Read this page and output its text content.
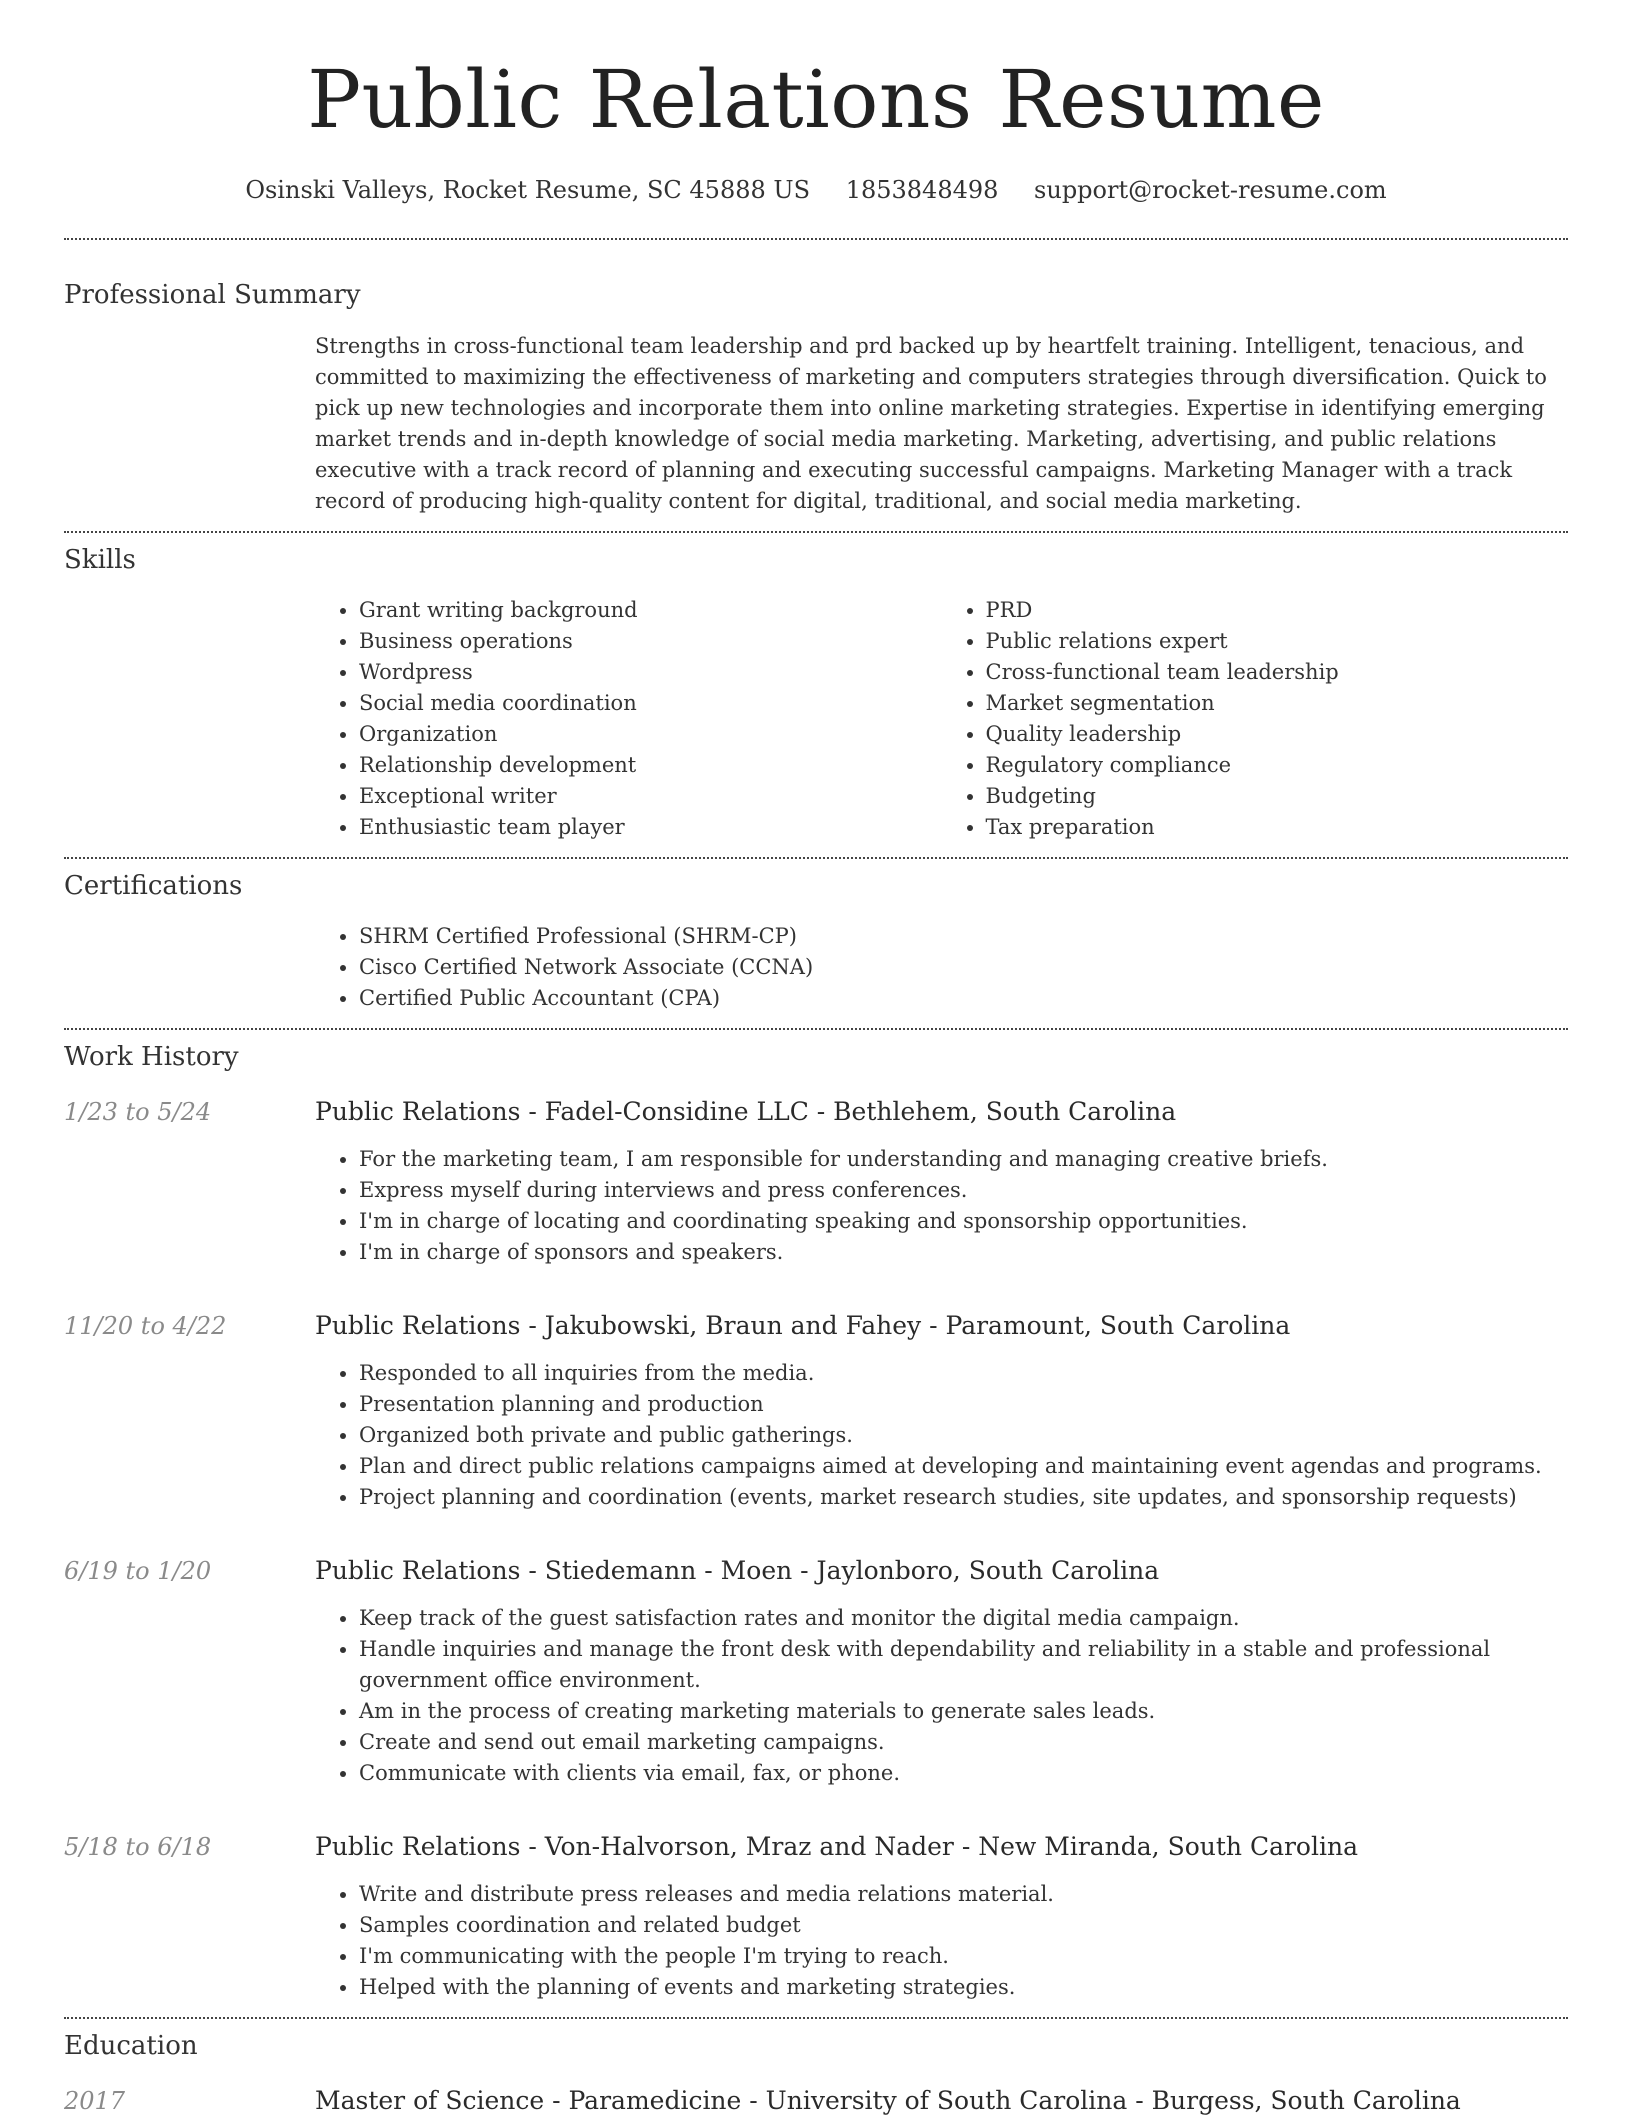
Public Relations Resume
Osinski Valleys, Rocket Resume, SC 45888 US 1853848498 support@rocket-resume.com
Professional Summary
Strengths in cross-functional team leadership and prd backed up by heartfelt training. Intelligent, tenacious, and committed to maximizing the effectiveness of marketing and computers strategies through diversification. Quick to pick up new technologies and incorporate them into online marketing strategies. Expertise in identifying emerging market trends and in-depth knowledge of social media marketing. Marketing, advertising, and public relations executive with a track record of planning and executing successful campaigns. Marketing Manager with a track record of producing high-quality content for digital, traditional, and social media marketing.
Skills
• Grant writing background
• Business operations
• Wordpress
• Social media coordination
• Organization
• Relationship development
• Exceptional writer
• Enthusiastic team player
• PRD
• Public relations expert
• Cross-functional team leadership
• Market segmentation
• Quality leadership
• Regulatory compliance
• Budgeting
• Tax preparation
Certifications
• SHRM Certified Professional (SHRM-CP)
• Cisco Certified Network Associate (CCNA)
• Certified Public Accountant (CPA)
Work History
1/23 to 5/24	Public Relations - Fadel-Considine LLC - Bethlehem, South Carolina
• For the marketing team, I am responsible for understanding and managing creative briefs.
• Express myself during interviews and press conferences.
• I'm in charge of locating and coordinating speaking and sponsorship opportunities.
• I'm in charge of sponsors and speakers.
11/20 to 4/22	Public Relations - Jakubowski, Braun and Fahey - Paramount, South Carolina
• Responded to all inquiries from the media.
• Presentation planning and production
• Organized both private and public gatherings.
• Plan and direct public relations campaigns aimed at developing and maintaining event agendas and programs.
• Project planning and coordination (events, market research studies, site updates, and sponsorship requests)
6/19 to 1/20	Public Relations - Stiedemann - Moen - Jaylonboro, South Carolina
• Keep track of the guest satisfaction rates and monitor the digital media campaign.
• Handle inquiries and manage the front desk with dependability and reliability in a stable and professional government office environment.
• Am in the process of creating marketing materials to generate sales leads.
• Create and send out email marketing campaigns.
• Communicate with clients via email, fax, or phone.
5/18 to 6/18	Public Relations - Von-Halvorson, Mraz and Nader - New Miranda, South Carolina
• Write and distribute press releases and media relations material.
• Samples coordination and related budget
• I'm communicating with the people I'm trying to reach.
• Helped with the planning of events and marketing strategies.
Education
2017	Master of Science - Paramedicine - University of South Carolina - Burgess, South Carolina
